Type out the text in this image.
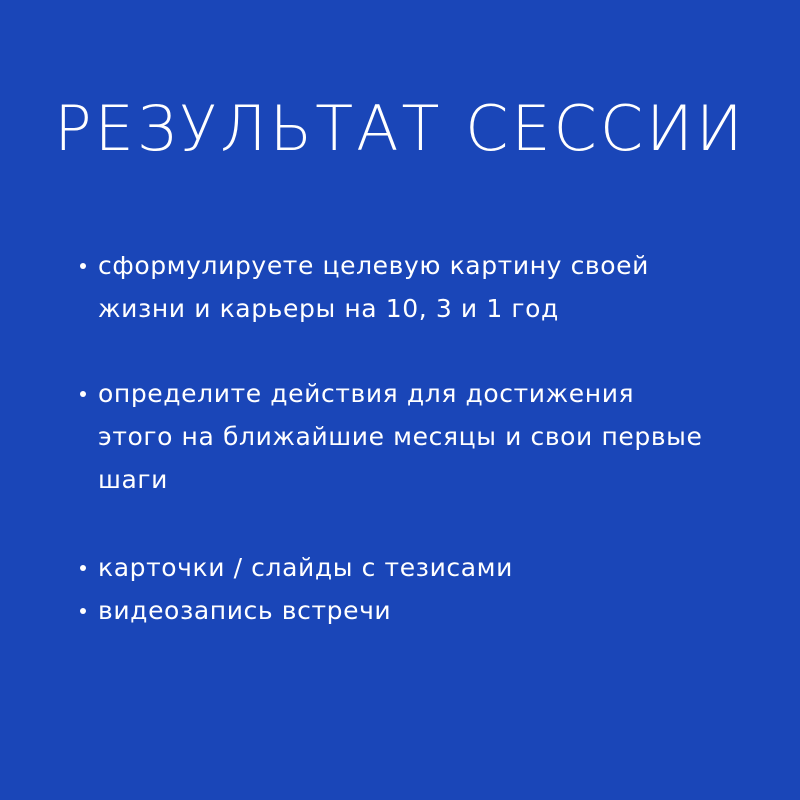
РЕЗУЛЬТАТ СЕССИИ
сформулируете целевую картину своей
жизни и карьеры на 10, 3 и 1 год
определите действия для достижения
этого на ближайшие месяцы и свои первые
шаги
карточки / слайды с тезисами
видеозапись встречи
